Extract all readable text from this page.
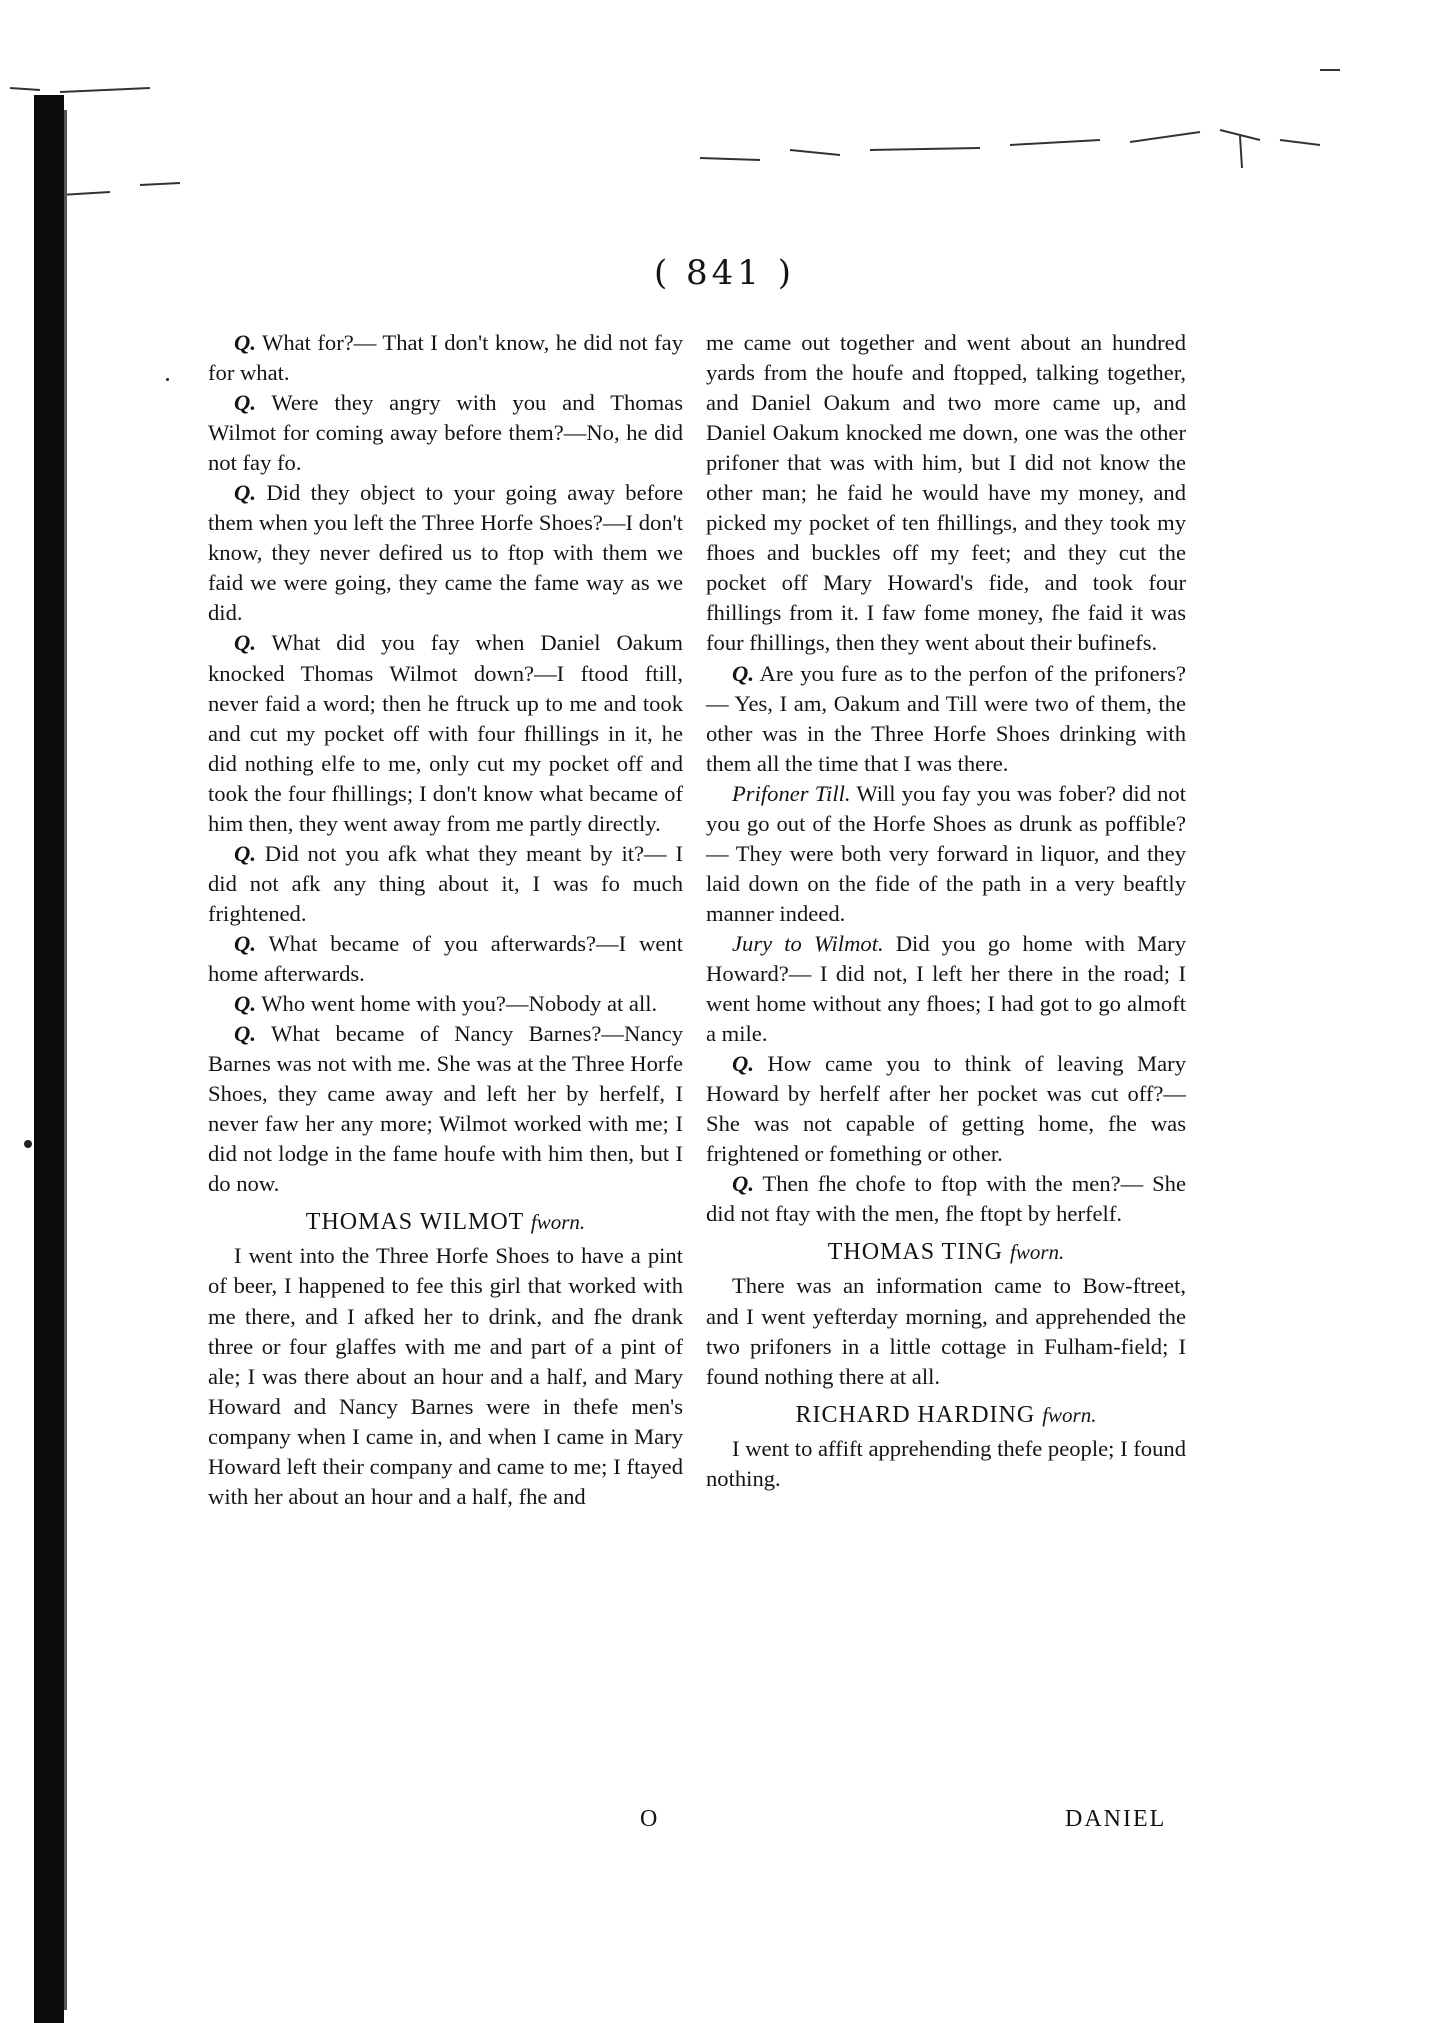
( 841 )

Q. What for?— That I don't know, he did not fay for what.

Q. Were they angry with you and Thomas Wilmot for coming away before them?—No, he did not fay fo.

Q. Did they object to your going away before them when you left the Three Horfe Shoes?—I don't know, they never defired us to ftop with them we faid we were going, they came the fame way as we did.

Q. What did you fay when Daniel Oakum knocked Thomas Wilmot down?—I ftood ftill, never faid a word; then he ftruck up to me and took and cut my pocket off with four fhillings in it, he did nothing elfe to me, only cut my pocket off and took the four fhillings; I don't know what became of him then, they went away from me partly directly.

Q. Did not you afk what they meant by it?— I did not afk any thing about it, I was fo much frightened.

Q. What became of you afterwards?—I went home afterwards.

Q. Who went home with you?—Nobody at all.

Q. What became of Nancy Barnes?—Nancy Barnes was not with me. She was at the Three Horfe Shoes, they came away and left her by herfelf, I never faw her any more; Wilmot worked with me; I did not lodge in the fame houfe with him then, but I do now.

THOMAS WILMOT fworn.

I went into the Three Horfe Shoes to have a pint of beer, I happened to fee this girl that worked with me there, and I afked her to drink, and fhe drank three or four glaffes with me and part of a pint of ale; I was there about an hour and a half, and Mary Howard and Nancy Barnes were in thefe men's company when I came in, and when I came in Mary Howard left their company and came to me; I ftayed with her about an hour and a half, fhe and

me came out together and went about an hundred yards from the houfe and ftopped, talking together, and Daniel Oakum and two more came up, and Daniel Oakum knocked me down, one was the other prifoner that was with him, but I did not know the other man; he faid he would have my money, and picked my pocket of ten fhillings, and they took my fhoes and buckles off my feet; and they cut the pocket off Mary Howard's fide, and took four fhillings from it. I faw fome money, fhe faid it was four fhillings, then they went about their bufinefs.

Q. Are you fure as to the perfon of the prifoners?— Yes, I am, Oakum and Till were two of them, the other was in the Three Horfe Shoes drinking with them all the time that I was there.

Prifoner Till. Will you fay you was fober? did not you go out of the Horfe Shoes as drunk as poffible? — They were both very forward in liquor, and they laid down on the fide of the path in a very beaftly manner indeed.

Jury to Wilmot. Did you go home with Mary Howard?— I did not, I left her there in the road; I went home without any fhoes; I had got to go almoft a mile.

Q. How came you to think of leaving Mary Howard by herfelf after her pocket was cut off?—She was not capable of getting home, fhe was frightened or fomething or other.

Q. Then fhe chofe to ftop with the men?— She did not ftay with the men, fhe ftopt by herfelf.

THOMAS TING fworn.

There was an information came to Bow-ftreet, and I went yefterday morning, and apprehended the two prifoners in a little cottage in Fulham-field; I found nothing there at all.

RICHARD HARDING fworn.

I went to affift apprehending thefe people; I found nothing.

O	DANIEL
